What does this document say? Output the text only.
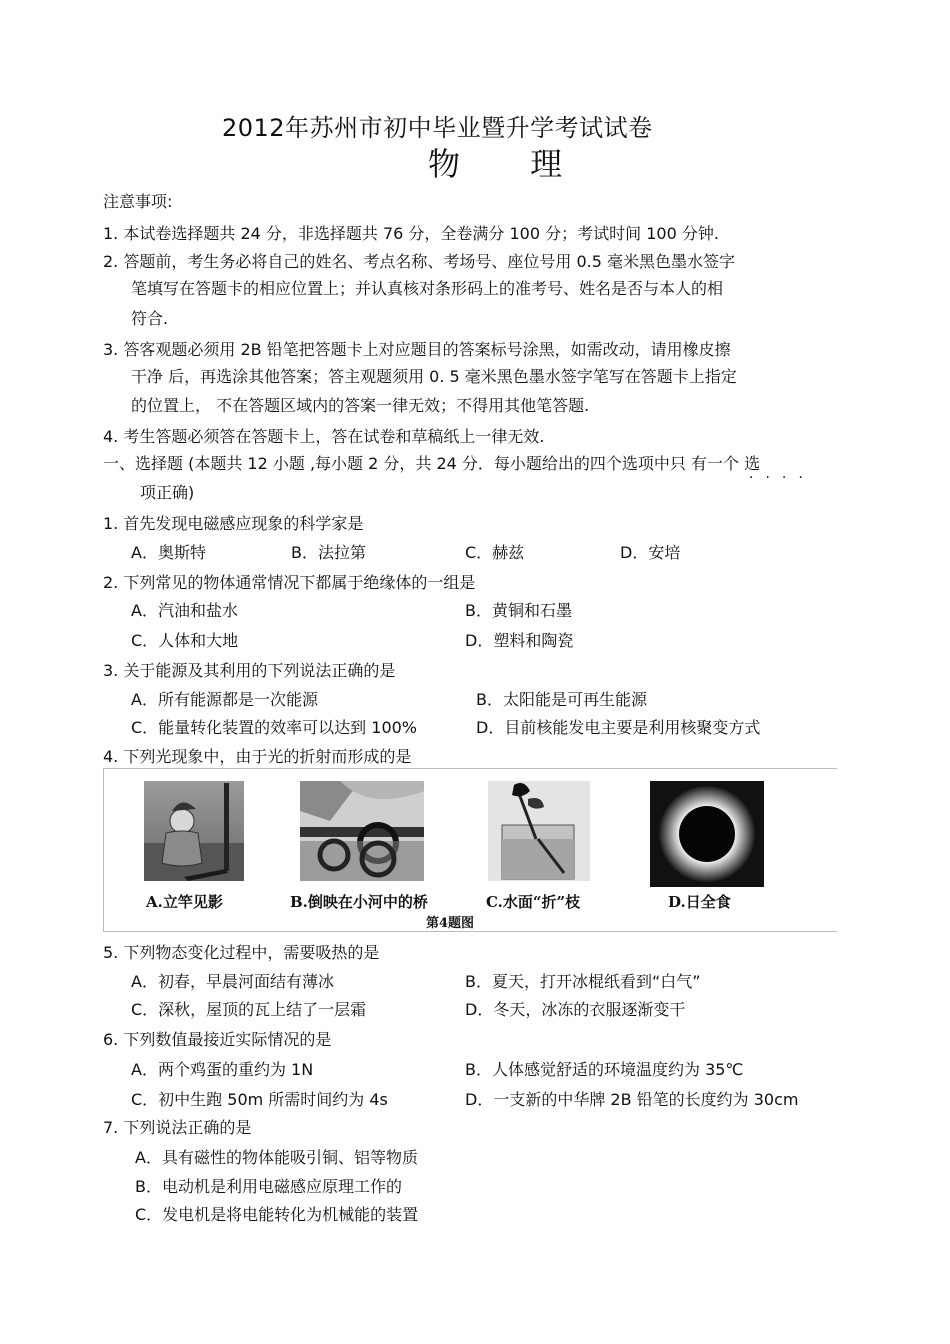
2012年苏州市初中毕业暨升学考试试卷
物 理
注意事项:
1. 本试卷选择题共 24 分，非选择题共 76 分，全卷满分 100 分；考试时间 100 分钟.
2. 答题前，考生务必将自己的姓名、考点名称、考场号、座位号用 0.5 毫米黑色墨水签字
笔填写在答题卡的相应位置上；并认真核对条形码上的准考号、姓名是否与本人的相
符合.
3. 答客观题必须用 2B 铅笔把答题卡上对应题目的答案标号涂黑，如需改动，请用橡皮擦
干净 后，再选涂其他答案；答主观题须用 0. 5 毫米黑色墨水签字笔写在答题卡上指定
的位置上， 不在答题区域内的答案一律无效；不得用其他笔答题.
4. 考生答题必须答在答题卡上，答在试卷和草稿纸上一律无效.
一、选择题 (本题共 12 小题 ,每小题 2 分，共 24 分．每小题给出的四个选项中只 有一个 选
····
项正确)
1. 首先发现电磁感应现象的科学家是
A．奥斯特	B．法拉第	C．赫兹	D．安培
2. 下列常见的物体通常情况下都属于绝缘体的一组是
A．汽油和盐水	B．黄铜和石墨
C．人体和大地	D．塑料和陶瓷
3. 关于能源及其利用的下列说法正确的是
A．所有能源都是一次能源	B．太阳能是可再生能源
C．能量转化装置的效率可以达到 100%	D．目前核能发电主要是利用核聚变方式
4. 下列光现象中，由于光的折射而形成的是
A.立竿见影	B.倒映在小河中的桥	C.水面“折”枝	D.日全食
第4题图
5. 下列物态变化过程中，需要吸热的是
A．初春，早晨河面结有薄冰	B．夏天，打开冰棍纸看到“白气”
C．深秋，屋顶的瓦上结了一层霜	D．冬天，冰冻的衣服逐渐变干
6. 下列数值最接近实际情况的是
A．两个鸡蛋的重约为 1N	B．人体感觉舒适的环境温度约为 35℃
C．初中生跑 50m 所需时间约为 4s	D．一支新的中华牌 2B 铅笔的长度约为 30cm
7. 下列说法正确的是
A．具有磁性的物体能吸引铜、铝等物质
B．电动机是利用电磁感应原理工作的
C．发电机是将电能转化为机械能的装置
